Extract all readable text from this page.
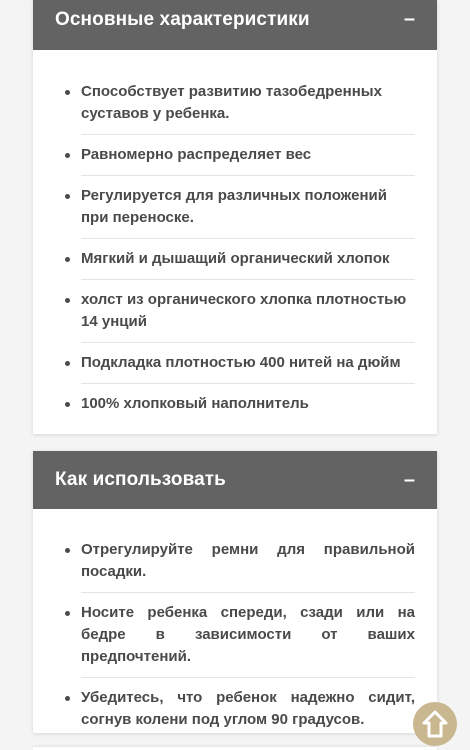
Основные характеристики	–
Способствует развитию тазобедренных суставов у ребенка.
Равномерно распределяет вес
Регулируется для различных положений при переноске.
Мягкий и дышащий органический хлопок
холст из органического хлопка плотностью 14 унций
Подкладка плотностью 400 нитей на дюйм
100% хлопковый наполнитель
Как использовать	–
Отрегулируйте ремни для правильной посадки.
Носите ребенка спереди, сзади или на бедре в зависимости от ваших предпочтений.
Убедитесь, что ребенок надежно сидит, согнув колени под углом 90 градусов.
